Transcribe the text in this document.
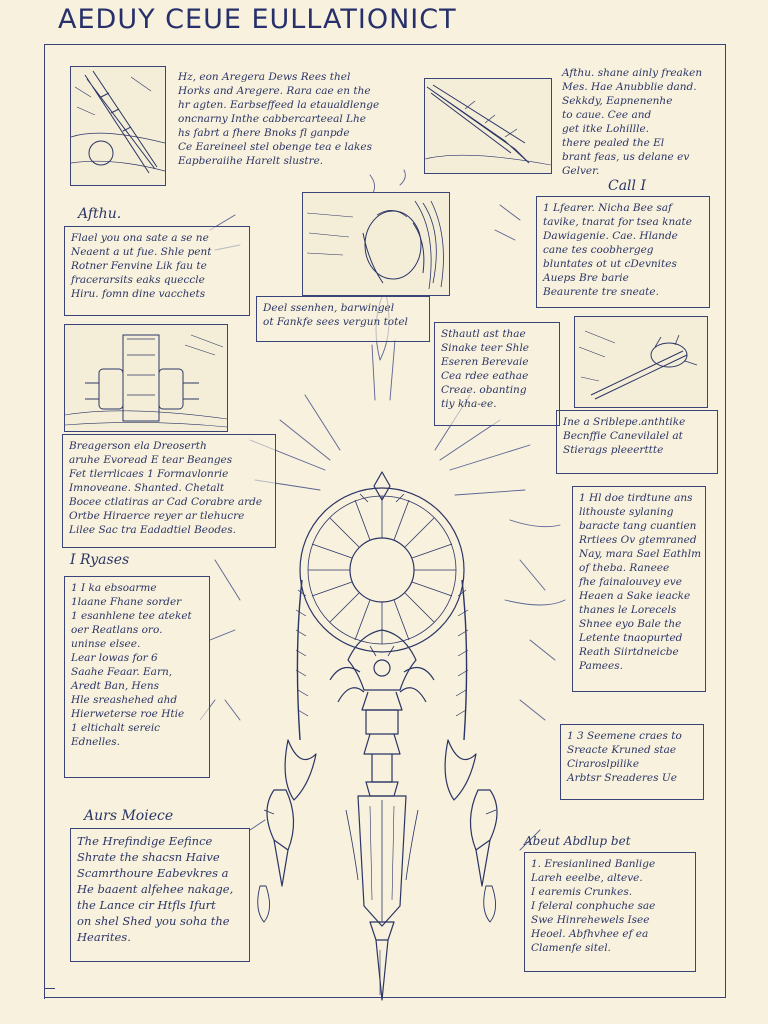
AEDUY CEUE EULLATIONICT
Afthu.
Call I
I Ryases
Aurs Moiece
Abeut Abdlup bet
Hz, eon Aregera Dews Rees thel
Horks and Aregere. Rara cae en the
hr agten. Earbseffeed la etaualdlenge
oncnarny Inthe cabbercarteeal Lhe
hs fabrt a fhere Bnoks fl ganpde
Ce Eareineel stel obenge tea e lakes
Eapberaiihe Harelt slustre.
Afthu. shane ainly freaken
Mes. Hae Anubblie dand.
Sekkdy, Eapnenenhe
to caue. Cee and
get itke Lohillle.
there pealed the El
brant feas, us delane ev
Gelver.
Flael you ona sate a se ne
Neaent a ut fue. Shle pent
Rotner Fenvine Lik fau te
fracerarsits eaks queccle
Hiru. fomn dine vacchets
Deel ssenhen, barwingel
ot Fankfe sees vergun totel
1 Lfearer. Nicha Bee saf
tavike, tnarat for tsea knate
Dawiagenie. Cae. Hlande
cane tes coobhergeg
bluntates ot ut cDevnites
Aueps Bre barie
Beaurente tre sneate.
Sthautl ast thae
Sinake teer Shle
Eseren Berevaie
Cea rdee eathae
Creae. obanting
tiy kha-ee.
Ine a Sriblepe.anthtike
Becnffie Canevilalel at
Stierags pleeerttte
Breagerson ela Dreoserth
aruhe Evoread E tear Beanges
Fet tlerrlicaes 1 Formavlonrie
Imnoveane. Shanted. Chetalt
Bocee ctlatiras ar Cad Corabre arde
Ortbe Hiraerce reyer ar tlehucre
Lilee Sac tra Eadadtiel Beodes.
1 Hl doe tirdtune ans
lithouste sylaning
baracte tang cuantien
Rrtiees Ov gtemraned
Nay, mara Sael Eathlm
of theba. Raneee
fhe fainalouvey eve
Heaen a Sake ieacke
thanes le Lorecels
Shnee eyo Bale the
Letente tnaopurted
Reath Siirtdneicbe
Pamees.
1 I ka ebsoarme
1laane Fhane sorder
1 esanhlene tee ateket
oer Reatlans oro.
uninse elsee.
Lear lowas for 6
Saahe Feaar. Earn,
Aredt Ban, Hens
Hle sreashehed ahd
Hierweterse roe Htie
1 eltichalt sereic
Ednelles.	1 3 Seemene craes to
Sreacte Kruned stae
Ciraroslpilike
Arbtsr Sreaderes Ue
The Hrefindige Eefince
Shrate the shacsn Haive
Scamrthoure Eabevkres a
He baaent alfehee nakage,
the Lance cir Htfls Ifurt
on shel Shed you soha the
Hearites.
1. Eresianlined Banlige
Lareh eeelbe, alteve.
I earemis Crunkes.
I feleral conphuche sae
Swe Hinrehewels Isee
Heoel. Abfhvhee ef ea
Clamenfe sitel.
